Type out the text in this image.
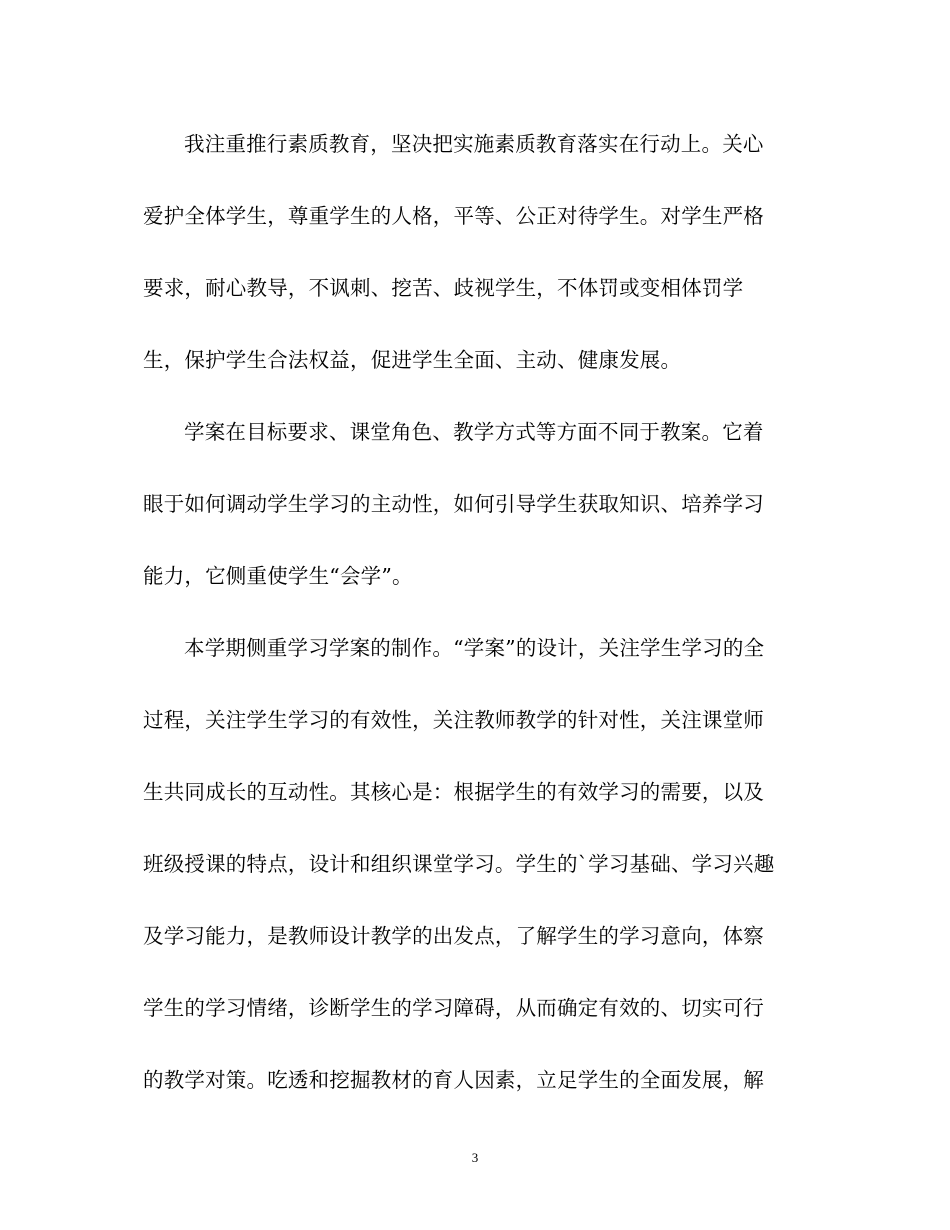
我注重推行素质教育，坚决把实施素质教育落实在行动上。关心
爱护全体学生，尊重学生的人格，平等、公正对待学生。对学生严格
要求，耐心教导，不讽刺、挖苦、歧视学生，不体罚或变相体罚学
生，保护学生合法权益，促进学生全面、主动、健康发展。
学案在目标要求、课堂角色、教学方式等方面不同于教案。它着
眼于如何调动学生学习的主动性，如何引导学生获取知识、培养学习
能力，它侧重使学生“会学”。
本学期侧重学习学案的制作。“学案”的设计，关注学生学习的全
过程，关注学生学习的有效性，关注教师教学的针对性，关注课堂师
生共同成长的互动性。其核心是：根据学生的有效学习的需要，以及
班级授课的特点，设计和组织课堂学习。学生的`学习基础、学习兴趣
及学习能力，是教师设计教学的出发点，了解学生的学习意向，体察
学生的学习情绪，诊断学生的学习障碍，从而确定有效的、切实可行
的教学对策。吃透和挖掘教材的育人因素，立足学生的全面发展，解
3
